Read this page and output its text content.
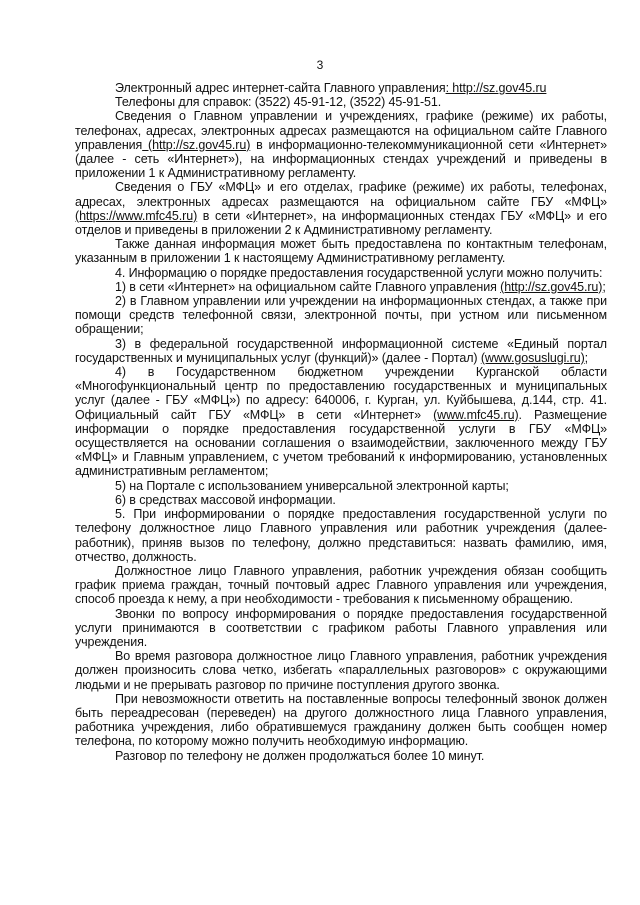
3

Электронный адрес интернет-сайта Главного управления: http://sz.gov45.ru

Телефоны для справок: (3522) 45-91-12, (3522) 45-91-51.

Сведения о Главном управлении и учреждениях, графике (режиме) их работы, телефонах, адресах, электронных адресах размещаются на официальном сайте Главного управления (http://sz.gov45.ru) в информационно-телекоммуникационной сети «Интернет» (далее - сеть «Интернет»), на информационных стендах учреждений и приведены в приложении 1 к Административному регламенту.

Сведения о ГБУ «МФЦ» и его отделах, графике (режиме) их работы, телефонах, адресах, электронных адресах размещаются на официальном сайте ГБУ «МФЦ» (https://www.mfc45.ru) в сети «Интернет», на информационных стендах ГБУ «МФЦ» и его отделов и приведены в приложении 2 к Административному регламенту.

Также данная информация может быть предоставлена по контактным телефонам, указанным в приложении 1 к настоящему Административному регламенту.

4. Информацию о порядке предоставления государственной услуги можно получить:

1) в сети «Интернет» на официальном сайте Главного управления (http://sz.gov45.ru);

2) в Главном управлении или учреждении на информационных стендах, а также при помощи средств телефонной связи, электронной почты, при устном или письменном обращении;

3) в федеральной государственной информационной системе «Единый портал государственных и муниципальных услуг (функций)» (далее - Портал) (www.gosuslugi.ru);

4) в Государственном бюджетном учреждении Курганской области «Многофункциональный центр по предоставлению государственных и муниципальных услуг (далее - ГБУ «МФЦ») по адресу: 640006, г. Курган, ул. Куйбышева, д.144, стр. 41. Официальный сайт ГБУ «МФЦ» в сети «Интернет» (www.mfc45.ru). Размещение информации о порядке предоставления государственной услуги в ГБУ «МФЦ» осуществляется на основании соглашения о взаимодействии, заключенного между ГБУ «МФЦ» и Главным управлением, с учетом требований к информированию, установленных административным регламентом;

5) на Портале с использованием универсальной электронной карты;

6) в средствах массовой информации.

5. При информировании о порядке предоставления государственной услуги по телефону должностное лицо Главного управления или работник учреждения (далее-работник), приняв вызов по телефону, должно представиться: назвать фамилию, имя, отчество, должность.

Должностное лицо Главного управления, работник учреждения обязан сообщить график приема граждан, точный почтовый адрес Главного управления или учреждения, способ проезда к нему, а при необходимости - требования к письменному обращению.

Звонки по вопросу информирования о порядке предоставления государственной услуги принимаются в соответствии с графиком работы Главного управления или учреждения.

Во время разговора должностное лицо Главного управления, работник учреждения должен произносить слова четко, избегать «параллельных разговоров» с окружающими людьми и не прерывать разговор по причине поступления другого звонка.

При невозможности ответить на поставленные вопросы телефонный звонок должен быть переадресован (переведен) на другого должностного лица Главного управления, работника учреждения, либо обратившемуся гражданину должен быть сообщен номер телефона, по которому можно получить необходимую информацию.

Разговор по телефону не должен продолжаться более 10 минут.
